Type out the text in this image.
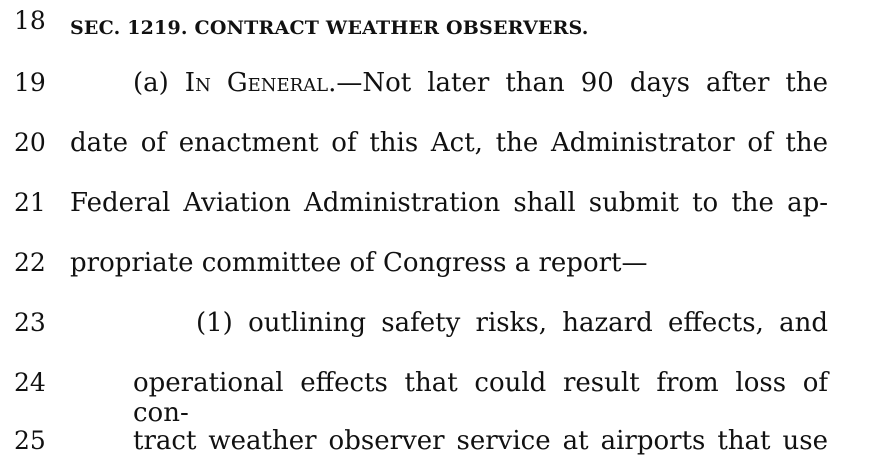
18 SEC. 1219. CONTRACT WEATHER OBSERVERS.
19	(a) In General.—Not later than 90 days after the
20 date of enactment of this Act, the Administrator of the
21 Federal Aviation Administration shall submit to the ap-
22 propriate committee of Congress a report—
23	(1) outlining safety risks, hazard effects, and
24	operational effects that could result from loss of con-
25	tract weather observer service at airports that use
